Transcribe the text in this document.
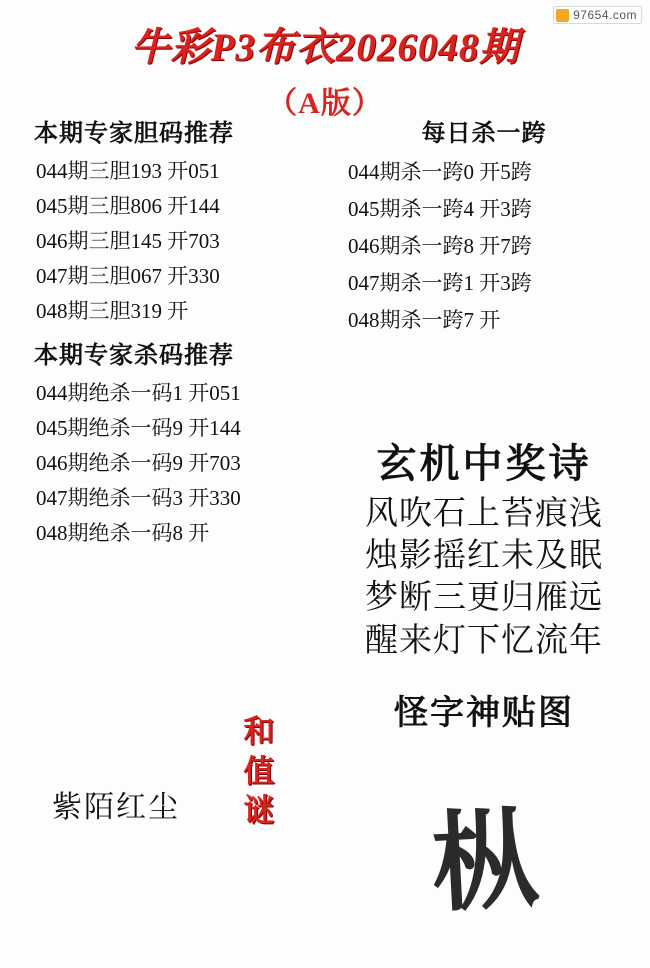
97654.com
牛彩P3布衣2026048期
（A版）
本期专家胆码推荐
044期三胆193 开051
045期三胆806 开144
046期三胆145 开703
047期三胆067 开330
048期三胆319 开
本期专家杀码推荐
044期绝杀一码1 开051
045期绝杀一码9 开144
046期绝杀一码9 开703
047期绝杀一码3 开330
048期绝杀一码8 开
每日杀一跨
044期杀一跨0 开5跨
045期杀一跨4 开3跨
046期杀一跨8 开7跨
047期杀一跨1 开3跨
048期杀一跨7 开
玄机中奖诗
风吹石上苔痕浅
烛影摇红未及眠
梦断三更归雁远
醒来灯下忆流年
怪字神贴图
枞
紫陌红尘
和
值
谜
